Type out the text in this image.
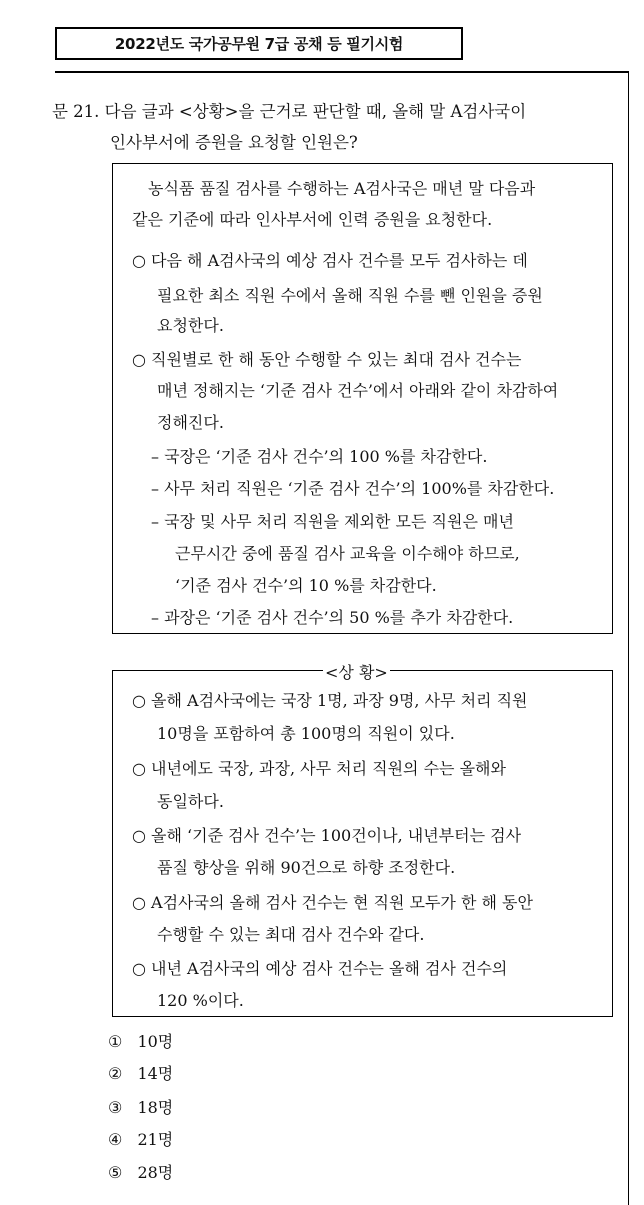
2022년도 국가공무원 7급 공채 등 필기시험
문 21. 다음 글과 <상황>을 근거로 판단할 때, 올해 말 A검사국이
인사부서에 증원을 요청할 인원은?
농식품 품질 검사를 수행하는 A검사국은 매년 말 다음과
같은 기준에 따라 인사부서에 인력 증원을 요청한다.
○ 다음 해 A검사국의 예상 검사 건수를 모두 검사하는 데
필요한 최소 직원 수에서 올해 직원 수를 뺀 인원을 증원
요청한다.
○ 직원별로 한 해 동안 수행할 수 있는 최대 검사 건수는
매년 정해지는 ‘기준 검사 건수’에서 아래와 같이 차감하여
정해진다.
– 국장은 ‘기준 검사 건수’의 100 %를 차감한다.
– 사무 처리 직원은 ‘기준 검사 건수’의 100%를 차감한다.
– 국장 및 사무 처리 직원을 제외한 모든 직원은 매년
근무시간 중에 품질 검사 교육을 이수해야 하므로,
‘기준 검사 건수’의 10 %를 차감한다.
– 과장은 ‘기준 검사 건수’의 50 %를 추가 차감한다.
<상 황>
○ 올해 A검사국에는 국장 1명, 과장 9명, 사무 처리 직원
10명을 포함하여 총 100명의 직원이 있다.
○ 내년에도 국장, 과장, 사무 처리 직원의 수는 올해와
동일하다.
○ 올해 ‘기준 검사 건수’는 100건이나, 내년부터는 검사
품질 향상을 위해 90건으로 하향 조정한다.
○ A검사국의 올해 검사 건수는 현 직원 모두가 한 해 동안
수행할 수 있는 최대 검사 건수와 같다.
○ 내년 A검사국의 예상 검사 건수는 올해 검사 건수의
120 %이다.
① 10명
② 14명
③ 18명
④ 21명
⑤ 28명
